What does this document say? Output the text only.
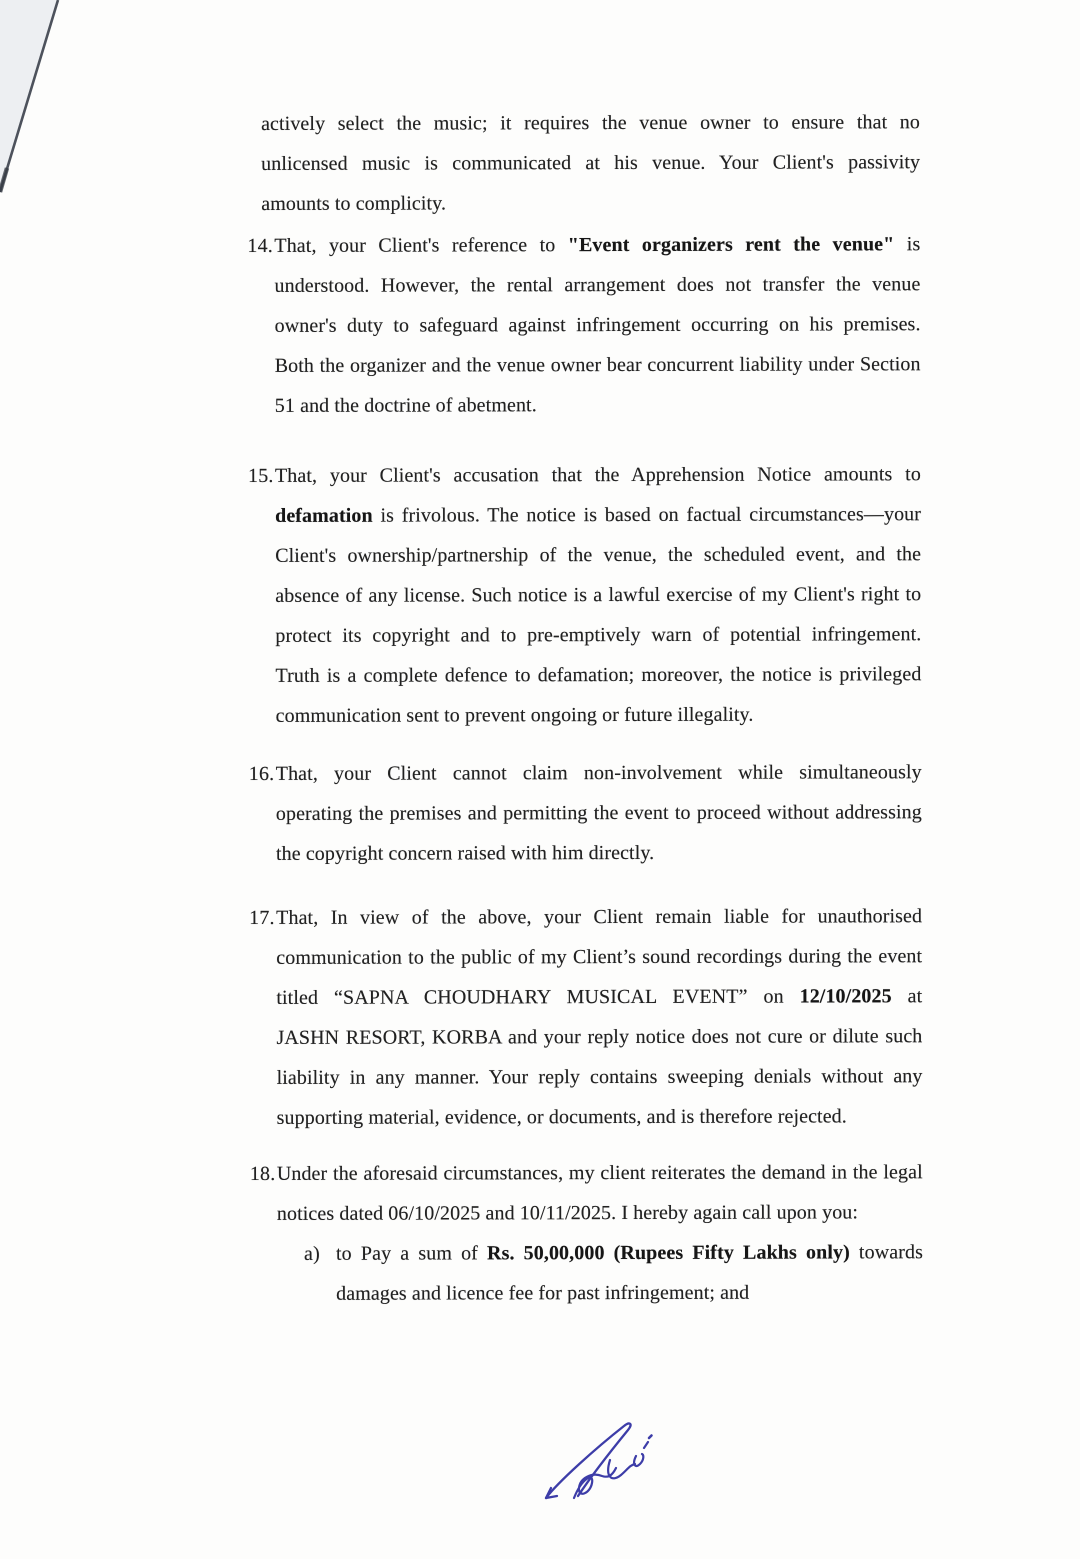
actively select the music; it requires the venue owner to ensure that no
unlicensed music is communicated at his venue. Your Client's passivity
amounts to complicity.
14. That, your Client's reference to "Event organizers rent the venue" is
understood. However, the rental arrangement does not transfer the venue
owner's duty to safeguard against infringement occurring on his premises.
Both the organizer and the venue owner bear concurrent liability under Section
51 and the doctrine of abetment.
15. That, your Client's accusation that the Apprehension Notice amounts to
defamation is frivolous. The notice is based on factual circumstances—your
Client's ownership/partnership of the venue, the scheduled event, and the
absence of any license. Such notice is a lawful exercise of my Client's right to
protect its copyright and to pre-emptively warn of potential infringement.
Truth is a complete defence to defamation; moreover, the notice is privileged
communication sent to prevent ongoing or future illegality.
16. That, your Client cannot claim non-involvement while simultaneously
operating the premises and permitting the event to proceed without addressing
the copyright concern raised with him directly.
17. That, In view of the above, your Client remain liable for unauthorised
communication to the public of my Client’s sound recordings during the event
titled “SAPNA CHOUDHARY MUSICAL EVENT” on 12/10/2025 at
JASHN RESORT, KORBA and your reply notice does not cure or dilute such
liability in any manner. Your reply contains sweeping denials without any
supporting material, evidence, or documents, and is therefore rejected.
18. Under the aforesaid circumstances, my client reiterates the demand in the legal
notices dated 06/10/2025 and 10/11/2025. I hereby again call upon you:
a) to Pay a sum of Rs. 50,00,000 (Rupees Fifty Lakhs only) towards
damages and licence fee for past infringement; and
